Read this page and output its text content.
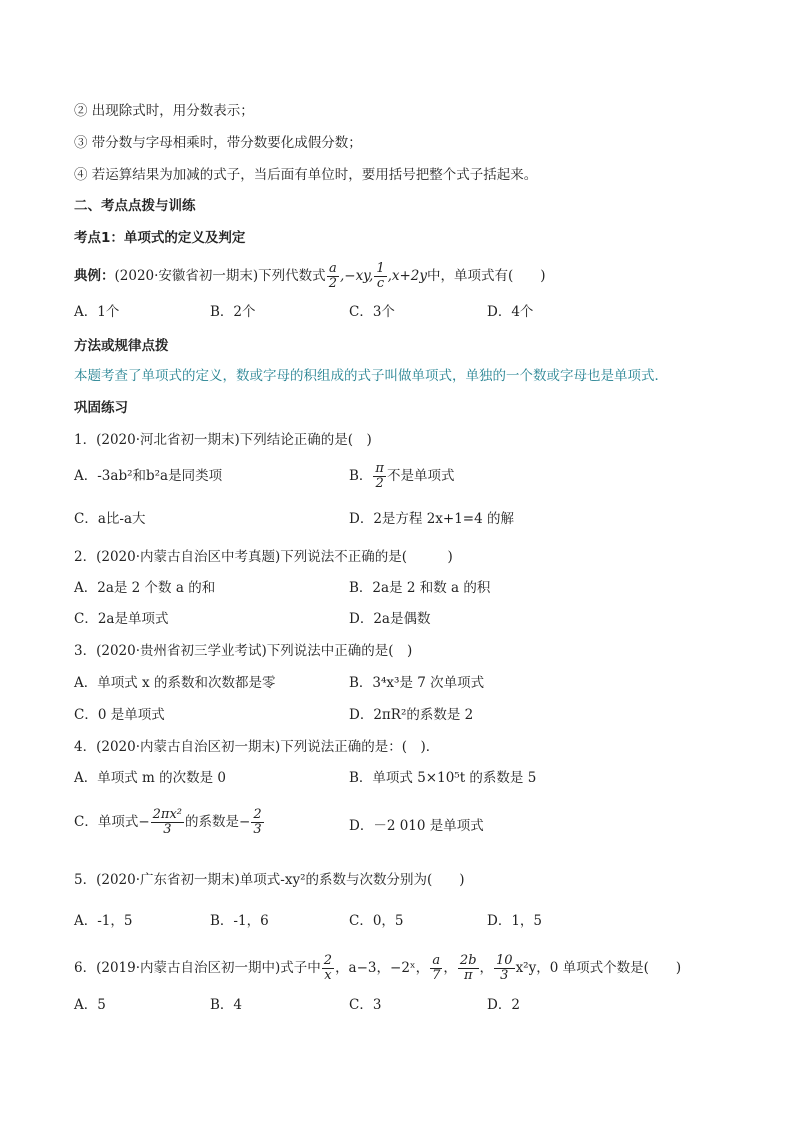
② 出现除式时，用分数表示；
③ 带分数与字母相乘时，带分数要化成假分数；
④ 若运算结果为加减的式子，当后面有单位时，要用括号把整个式子括起来。
二、考点点拨与训练
考点1：单项式的定义及判定
典例：(2020·安徽省初一期末)下列代数式 $\frac{a}{2} ,-xy$, $\frac{1}{c} ,x+2y$中，单项式有(　　)
A．1个	B．2个	C．3个	D．4个
方法或规律点拨
本题考查了单项式的定义，数或字母的积组成的式子叫做单项式，单独的一个数或字母也是单项式．
巩固练习
1．(2020·河北省初一期末)下列结论正确的是(　)
A．-3ab²和b²a是同类项	B． $\frac{\pi}{2}$ 不是单项式
C．a比-a大	D．2是方程 2x+1=4 的解
2．(2020·内蒙古自治区中考真题)下列说法不正确的是(　　　)
A．2a是 2 个数 a 的和	B．2a是 2 和数 a 的积
C．2a是单项式	D．2a是偶数
3．(2020·贵州省初三学业考试)下列说法中正确的是(　)
A．单项式 x 的系数和次数都是零	B．3⁴x³是 7 次单项式
C．0 是单项式	D．2πR²的系数是 2
4．(2020·内蒙古自治区初一期末)下列说法正确的是：(　)．
A．单项式 m 的次数是 0	B．单项式 5×10⁵t 的系数是 5
C．单项式− $\frac{\text{2πx²}}{3}$ 的系数是− $\frac{2}{3}$	D．－2 010 是单项式
5．(2020·广东省初一期末)单项式-xy²的系数与次数分别为(　　)
A．-1，5	B．-1，6	C．0，5	D．1，5
6．(2019·内蒙古自治区初一期中)式子中 $\frac{2}{x}$ ，a−3，−2ˣ， $\frac{a}{7}$ ， $\frac{2b}{\pi}$ ， $\frac{10}{3} x^2y$，0 单项式个数是(　　)
A．5	B．4	C．3	D．2
